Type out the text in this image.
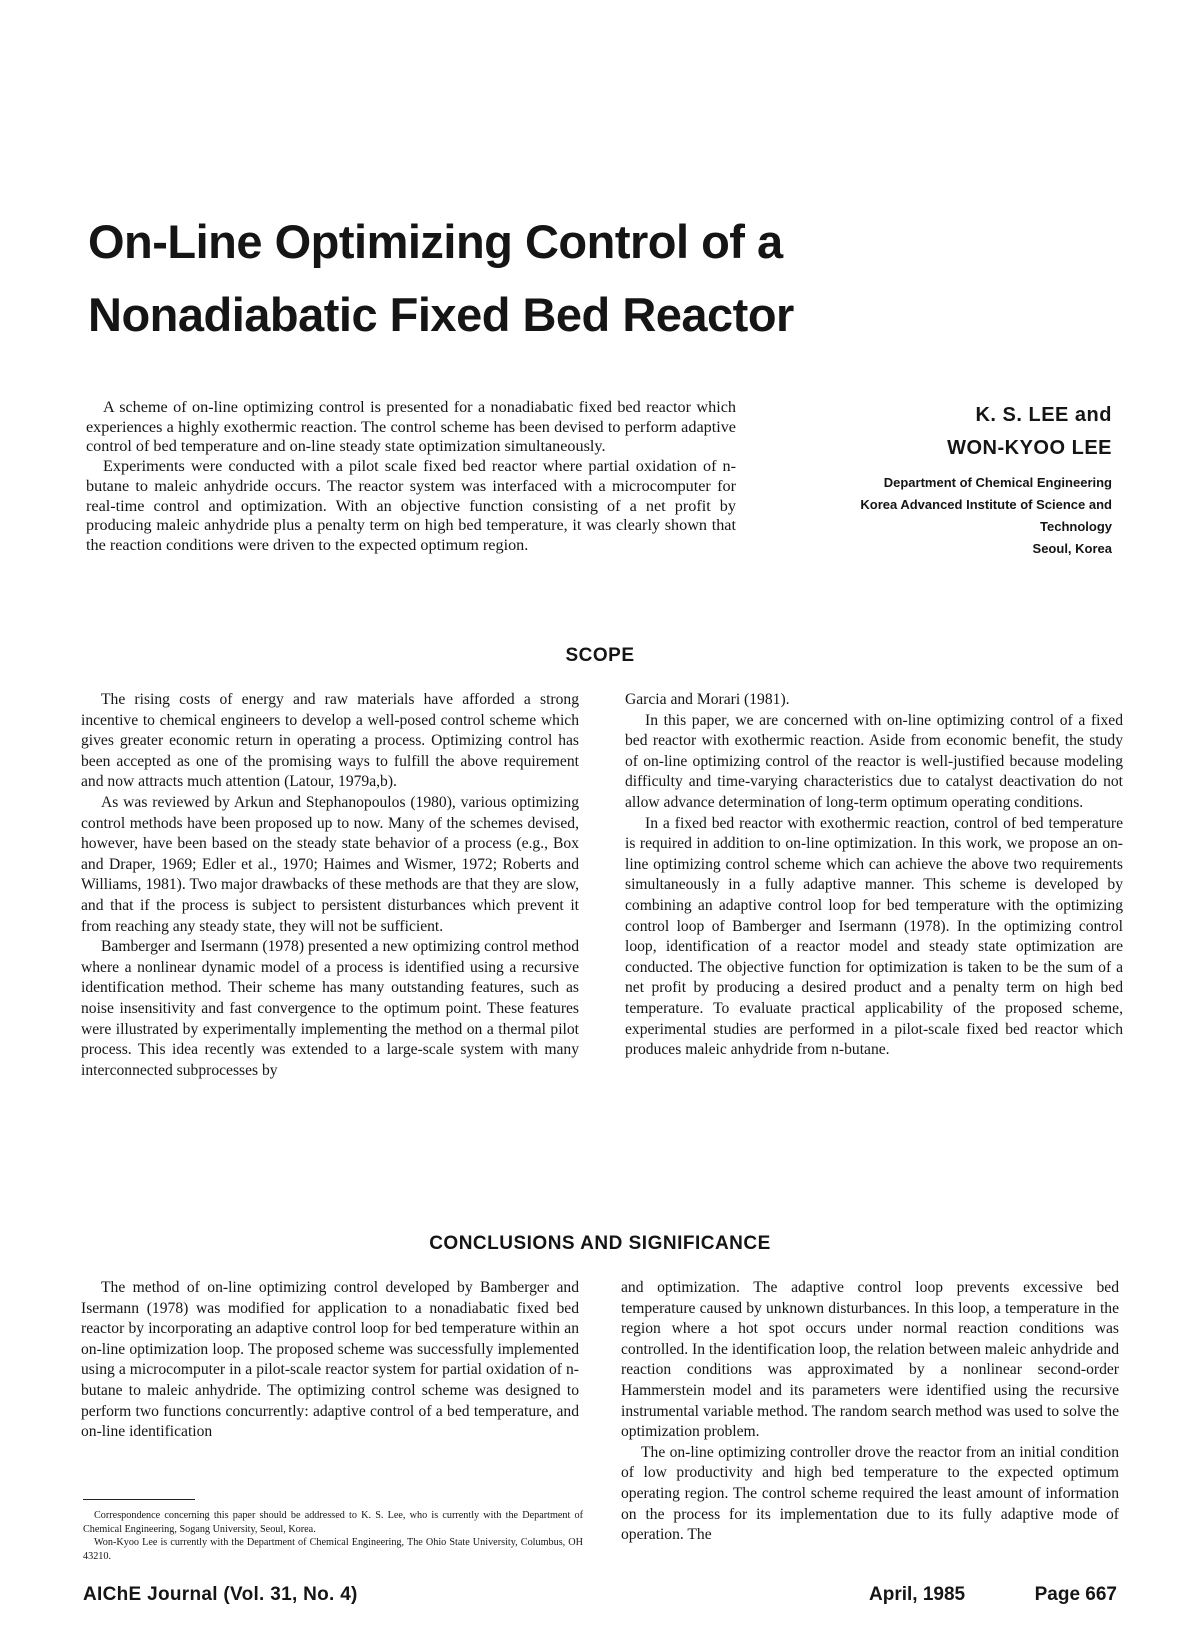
On-Line Optimizing Control of a
Nonadiabatic Fixed Bed Reactor

A scheme of on-line optimizing control is presented for a nonadiabatic fixed bed reactor which experiences a highly exothermic reaction. The control scheme has been devised to perform adaptive control of bed temperature and on-line steady state optimization simultaneously.

Experiments were conducted with a pilot scale fixed bed reactor where partial oxidation of n-butane to maleic anhydride occurs. The reactor system was interfaced with a microcomputer for real-time control and optimization. With an objective function consisting of a net profit by producing maleic anhydride plus a penalty term on high bed temperature, it was clearly shown that the reaction conditions were driven to the expected optimum region.

K. S. LEE and
WON-KYOO LEE
Department of Chemical Engineering
Korea Advanced Institute of Science and
Technology
Seoul, Korea
SCOPE

The rising costs of energy and raw materials have afforded a strong incentive to chemical engineers to develop a well-posed control scheme which gives greater economic return in operating a process. Optimizing control has been accepted as one of the promising ways to fulfill the above requirement and now attracts much attention (Latour, 1979a,b).

As was reviewed by Arkun and Stephanopoulos (1980), various optimizing control methods have been proposed up to now. Many of the schemes devised, however, have been based on the steady state behavior of a process (e.g., Box and Draper, 1969; Edler et al., 1970; Haimes and Wismer, 1972; Roberts and Williams, 1981). Two major drawbacks of these methods are that they are slow, and that if the process is subject to persistent disturbances which prevent it from reaching any steady state, they will not be sufficient.

Bamberger and Isermann (1978) presented a new optimizing control method where a nonlinear dynamic model of a process is identified using a recursive identification method. Their scheme has many outstanding features, such as noise insensitivity and fast convergence to the optimum point. These features were illustrated by experimentally implementing the method on a thermal pilot process. This idea recently was extended to a large-scale system with many interconnected subprocesses by

Garcia and Morari (1981).

In this paper, we are concerned with on-line optimizing control of a fixed bed reactor with exothermic reaction. Aside from economic benefit, the study of on-line optimizing control of the reactor is well-justified because modeling difficulty and time-varying characteristics due to catalyst deactivation do not allow advance determination of long-term optimum operating conditions.

In a fixed bed reactor with exothermic reaction, control of bed temperature is required in addition to on-line optimization. In this work, we propose an on-line optimizing control scheme which can achieve the above two requirements simultaneously in a fully adaptive manner. This scheme is developed by combining an adaptive control loop for bed temperature with the optimizing control loop of Bamberger and Isermann (1978). In the optimizing control loop, identification of a reactor model and steady state optimization are conducted. The objective function for optimization is taken to be the sum of a net profit by producing a desired product and a penalty term on high bed temperature. To evaluate practical applicability of the proposed scheme, experimental studies are performed in a pilot-scale fixed bed reactor which produces maleic anhydride from n-butane.

CONCLUSIONS AND SIGNIFICANCE

The method of on-line optimizing control developed by Bamberger and Isermann (1978) was modified for application to a nonadiabatic fixed bed reactor by incorporating an adaptive control loop for bed temperature within an on-line optimization loop. The proposed scheme was successfully implemented using a microcomputer in a pilot-scale reactor system for partial oxidation of n-butane to maleic anhydride. The optimizing control scheme was designed to perform two functions concurrently: adaptive control of a bed temperature, and on-line identification

and optimization. The adaptive control loop prevents excessive bed temperature caused by unknown disturbances. In this loop, a temperature in the region where a hot spot occurs under normal reaction conditions was controlled. In the identification loop, the relation between maleic anhydride and reaction conditions was approximated by a nonlinear second-order Hammerstein model and its parameters were identified using the recursive instrumental variable method. The random search method was used to solve the optimization problem.

The on-line optimizing controller drove the reactor from an initial condition of low productivity and high bed temperature to the expected optimum operating region. The control scheme required the least amount of information on the process for its implementation due to its fully adaptive mode of operation. The

Correspondence concerning this paper should be addressed to K. S. Lee, who is currently with the Department of Chemical Engineering, Sogang University, Seoul, Korea.

Won-Kyoo Lee is currently with the Department of Chemical Engineering, The Ohio State University, Columbus, OH 43210.

AIChE Journal (Vol. 31, No. 4)	April, 1985	Page 667
